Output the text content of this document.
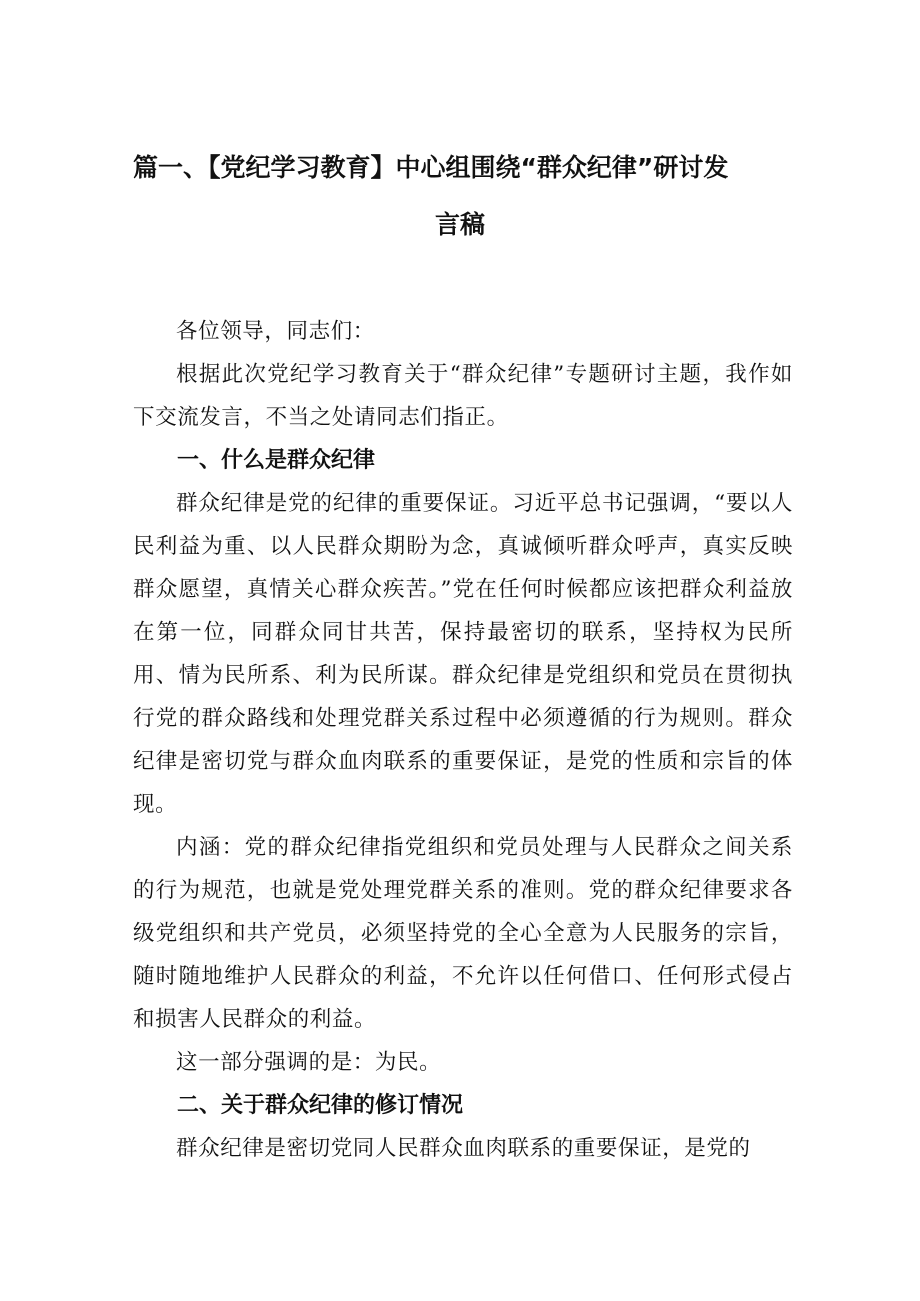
篇一、【党纪学习教育】中心组围绕“群众纪律”研讨发
言稿

各位领导，同志们：

根据此次党纪学习教育关于“群众纪律”专题研讨主题，我作如下交流发言，不当之处请同志们指正。

一、什么是群众纪律

群众纪律是党的纪律的重要保证。习近平总书记强调，“要以人民利益为重、以人民群众期盼为念，真诚倾听群众呼声，真实反映群众愿望，真情关心群众疾苦。”党在任何时候都应该把群众利益放在第一位，同群众同甘共苦，保持最密切的联系，坚持权为民所用、情为民所系、利为民所谋。群众纪律是党组织和党员在贯彻执行党的群众路线和处理党群关系过程中必须遵循的行为规则。群众纪律是密切党与群众血肉联系的重要保证，是党的性质和宗旨的体现。

内涵：党的群众纪律指党组织和党员处理与人民群众之间关系的行为规范，也就是党处理党群关系的准则。党的群众纪律要求各级党组织和共产党员，必须坚持党的全心全意为人民服务的宗旨，随时随地维护人民群众的利益，不允许以任何借口、任何形式侵占和损害人民群众的利益。

这一部分强调的是：为民。

二、关于群众纪律的修订情况

群众纪律是密切党同人民群众血肉联系的重要保证，是党的
